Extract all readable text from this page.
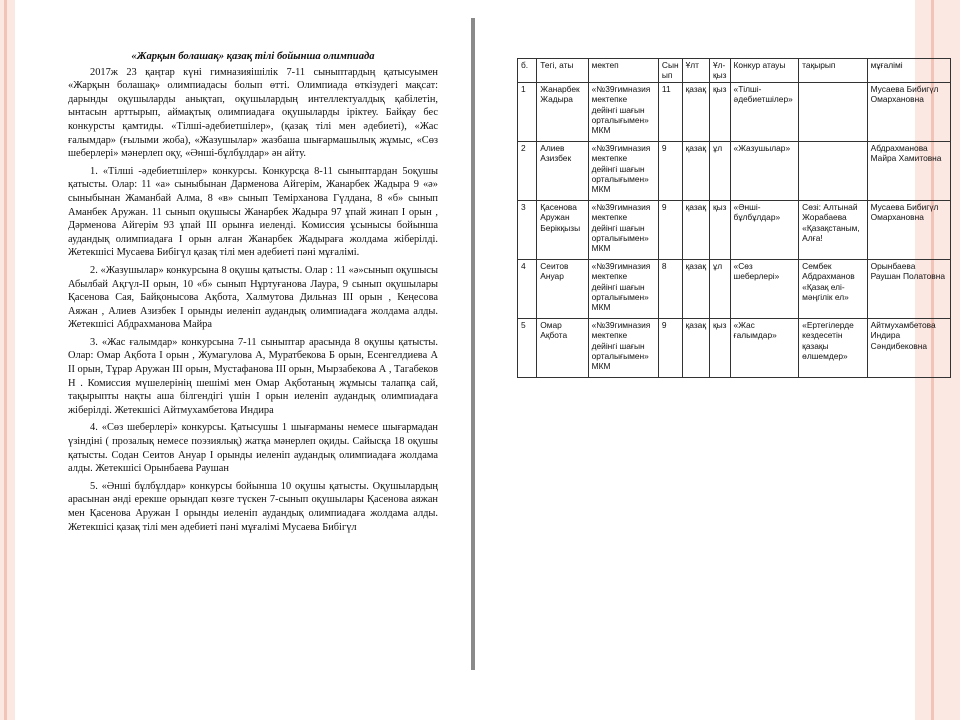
«Жарқын болашақ» қазақ тілі бойынша олимпиада

2017ж 23 қаңтар күні гимназияішілік 7-11 сыныптардың қатысуымен «Жарқын болашақ» олимпиадасы болып өтті. Олимпиада өткізудегі мақсат: дарынды оқушыларды анықтап, оқушылардың интеллектуалдық қабілетін, ынтасын арттырып, аймақтық олимпиадаға оқушыларды іріктеу. Байқау бес конкурсты қамтиды. «Тілші-әдебиетшілер», (қазақ тілі мен әдебиеті), «Жас ғалымдар» (ғылыми жоба), «Жазушылар» жазбаша шығармашылық жұмыс, «Сөз шеберлері» мәнерлеп оқу, «Әнші-бұлбұлдар» ән айту.

1. «Тілші -әдебиетшілер» конкурсы. Конкурсқа 8-11 сыныптардан 5оқушы қатысты. Олар: 11 «а» сыныбынан Дарменова Айгерім, Жанарбек Жадыра 9 «ә» сыныбынан Жаманбай Алма, 8 «в» сынып Темірханова Гүлдана, 8 «б» сынып Аманбек Аружан. 11 сынып оқушысы Жанарбек Жадыра 97 ұпай жинап І орын , Дәрменова Айгерім 93 ұпай ІІІ орынға иеленді. Комиссия ұсынысы бойынша аудандық олимпиадаға І орын алған Жанарбек Жадыраға жолдама жіберілді. Жетекшісі Мусаева Бибігүл қазақ тілі мен әдебиеті пәні мұғалімі.

2. «Жазушылар» конкурсына 8 оқушы қатысты. Олар : 11 «ә»сынып оқушысы Абылбай Ақгүл-ІІ орын, 10 «б» сынып Нұртуғанова Лаура, 9 сынып оқушылары Қасенова Сая, Байқонысова Ақбота, Халмутова Дильназ ІІІ орын , Кеңесова Аяжан , Алиев Азизбек І орынды иеленіп аудандық олимпиадаға жолдама алды. Жетекшісі Абдрахманова Майра

3. «Жас ғалымдар» конкурсына 7-11 сыныптар арасында 8 оқушы қатысты. Олар: Омар Ақбота І орын , Жумагулова А, Муратбекова Б орын, Есенгелдиева А ІІ орын, Тұрар Аружан ІІІ орын, Мустафанова ІІІ орын, Мырзабекова А , Тагабеков Н . Комиссия мүшелерінің шешімі мен Омар Ақботаның жұмысы талапқа сай, тақырыпты нақты аша білгендігі үшін І орын иеленіп аудандық олимпиадаға жіберілді. Жетекшісі Айтмухамбетова Индира

4. «Сөз шеберлері» конкурсы. Қатысушы 1 шығарманы немесе шығармадан үзіндіні ( прозалық немесе поэзиялық) жатқа мәнерлеп оқиды. Сайысқа 18 оқушы қатысты. Содан Сеитов Ануар І орынды иеленіп аудандық олимпиадаға жолдама алды. Жетекшісі Орынбаева Раушан

5. «Әнші бұлбұлдар» конкурсы бойынша 10 оқушы қатысты. Оқушылардың арасынан әнді ерекше орындап көзге түскен 7-сынып оқушылары Қасенова аяжан мен Қасенова Аружан І орынды иеленіп аудандық олимпиадаға жолдама алды. Жетекшісі қазақ тілі мен әдебиеті пәні мұғалімі Мусаева Бибігүл

б.	Тегі, аты	мектеп	Сын ып	Ұлт	Ұл-қыз	Конкур атауы	тақырып	мұғалімі
1	Жанарбек Жадыра	«№39гимназия мектепке дейінгі шағын орталығымен» МКМ	11	қазақ	қыз	«Тілші-әдебиетшілер»		Мусаева Бибигүл Омархановна
2	Алиев Азизбек	«№39гимназия мектепке дейінгі шағын орталығымен» МКМ	9	қазақ	ұл	«Жазушылар»		Абдрахманова Майра Хамитовна
3	Қасенова Аружан Берікқызы	«№39гимназия мектепке дейінгі шағын орталығымен» МКМ	9	қазақ	қыз	«Әнші-бұлбұлдар»	Сөзі: Алтынай Жорабаева «Қазақстаным, Алға!	Мусаева Бибигүл Омархановна
4	Сеитов Ануар	«№39гимназия мектепке дейінгі шағын орталығымен» МКМ	8	қазақ	ұл	«Сөз шеберлері»	Сембек Абдрахманов «Қазақ елі- мәңгілік ел»	Орынбаева Раушан Полатовна
5	Омар Ақбота	«№39гимназия мектепке дейінгі шағын орталығымен» МКМ	9	қазақ	қыз	«Жас ғалымдар»	«Ертегілерде кездесетін қазақы өлшемдер»	Айтмухамбетова Индира Сәндибековна
